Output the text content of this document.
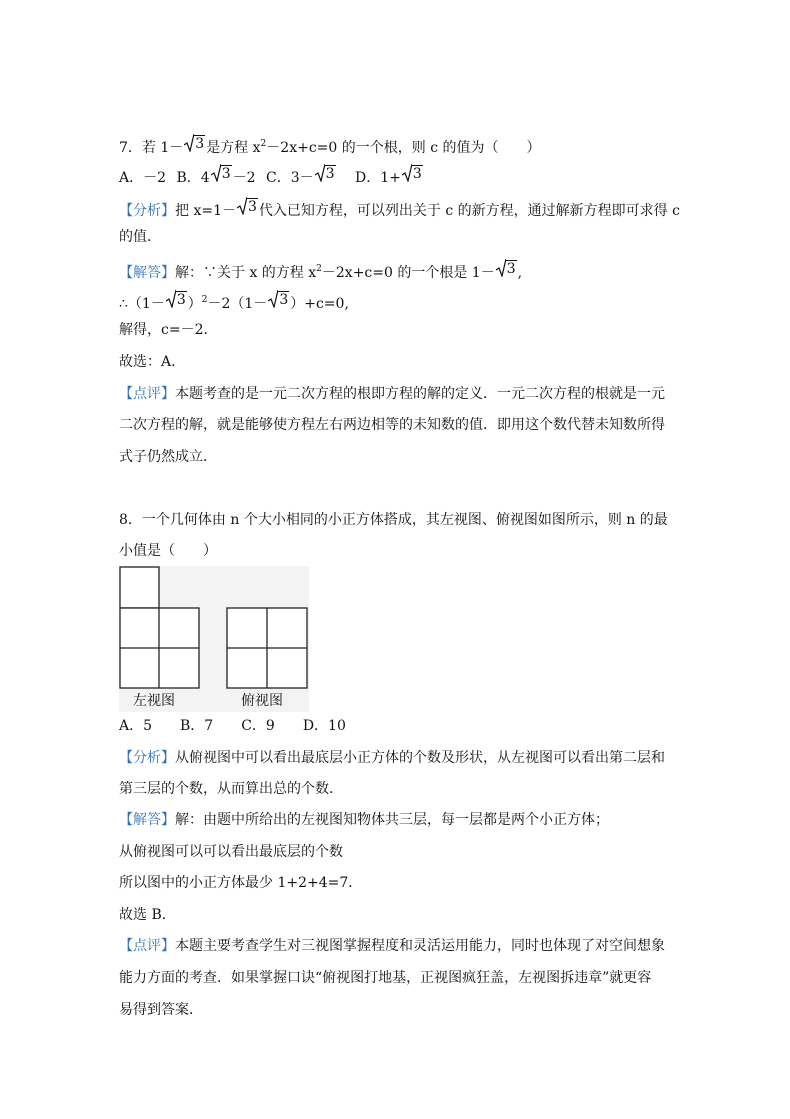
7．若 1－ 3 是方程 $x^2-2x+c=0$ 的一个根，则 c 的值为（　　）
A．－2 B．4 3 －2 C．3－ 3 D．1+ 3
【分析】把 x=1－ 3 代入已知方程，可以列出关于 c 的新方程，通过解新方程即可求得 c
的值．
【解答】解：∵关于 x 的方程 $x^2-2x+c=0$ 的一个根是 1－ 3 ,
∴（1－ 3 ）$^2$－2（1－ 3 ）+c=0,
解得，c=－2．
故选：A．
【点评】本题考查的是一元二次方程的根即方程的解的定义．一元二次方程的根就是一元
二次方程的解，就是能够使方程左右两边相等的未知数的值．即用这个数代替未知数所得
式子仍然成立．
8．一个几何体由 n 个大小相同的小正方体搭成，其左视图、俯视图如图所示，则 n 的最
小值是（　　）
左视图	俯视图
A．5　　B．7　　C．9　　D．10
【分析】从俯视图中可以看出最底层小正方体的个数及形状，从左视图可以看出第二层和
第三层的个数，从而算出总的个数．
【解答】解：由题中所给出的左视图知物体共三层，每一层都是两个小正方体；
从俯视图可以可以看出最底层的个数
所以图中的小正方体最少 1+2+4=7．
故选 B．
【点评】本题主要考查学生对三视图掌握程度和灵活运用能力，同时也体现了对空间想象
能力方面的考查．如果掌握口诀“俯视图打地基，正视图疯狂盖，左视图拆违章”就更容
易得到答案．
